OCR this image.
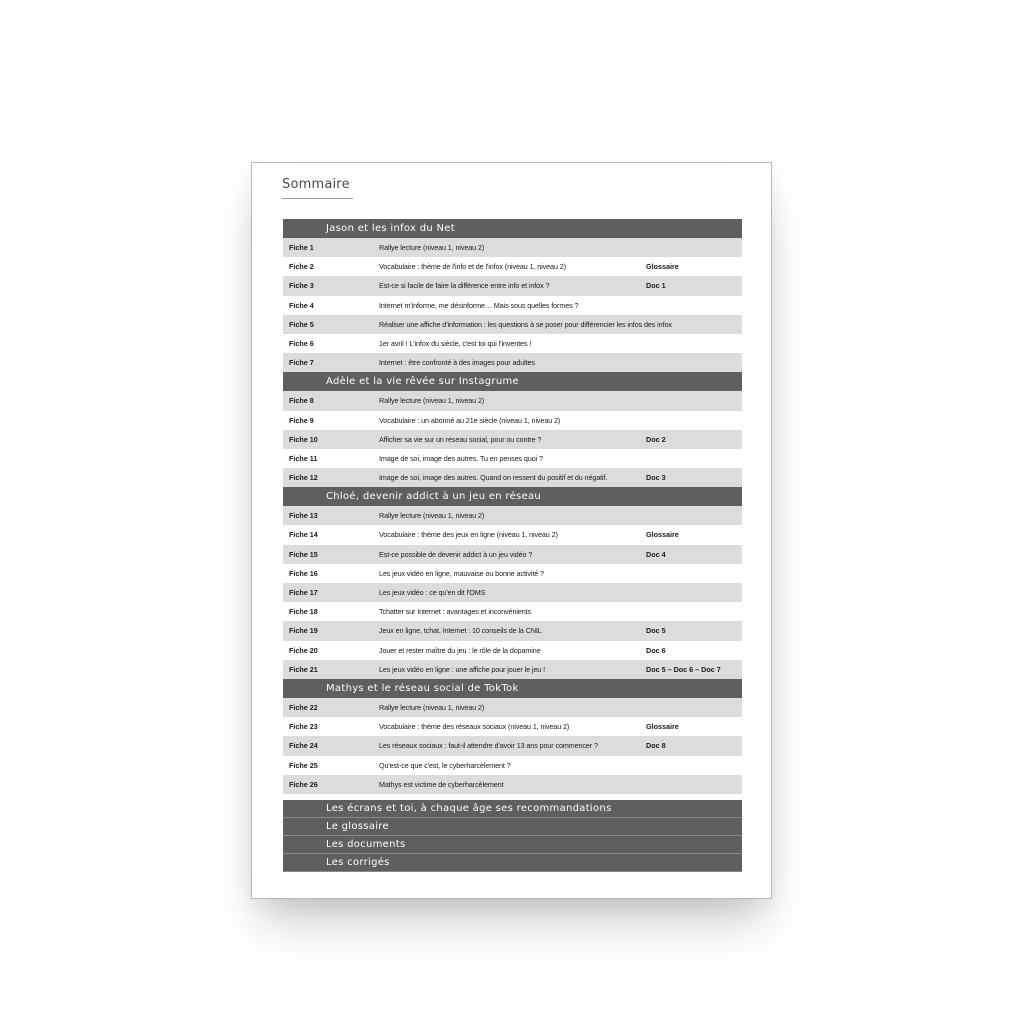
Sommaire
Jason et les infox du Net
Fiche 1	Rallye lecture (niveau 1, niveau 2)
Fiche 2	Vocabulaire : thème de l'info et de l'infox (niveau 1, niveau 2)	Glossaire
Fiche 3	Est-ce si facile de faire la différence entre info et infox ?	Doc 1
Fiche 4	Internet m'informe, me désinforme… Mais sous quelles formes ?
Fiche 5	Réaliser une affiche d'information : les questions à se poser pour différencier les infos des infox
Fiche 6	1er avril ! L'infox du siècle, c'est toi qui l'inventes !
Fiche 7	Internet : être confronté à des images pour adultes
Adèle et la vie rêvée sur Instagrume
Fiche 8	Rallye lecture (niveau 1, niveau 2)
Fiche 9	Vocabulaire : un abonné au 21e siècle (niveau 1, niveau 2)
Fiche 10	Afficher sa vie sur un réseau social, pour ou contre ?	Doc 2
Fiche 11	Image de soi, image des autres. Tu en penses quoi ?
Fiche 12	Image de soi, image des autres. Quand on ressent du positif et du négatif.	Doc 3
Chloé, devenir addict à un jeu en réseau
Fiche 13	Rallye lecture (niveau 1, niveau 2)
Fiche 14	Vocabulaire : thème des jeux en ligne (niveau 1, niveau 2)	Glossaire
Fiche 15	Est-ce possible de devenir addict à un jeu vidéo ?	Doc 4
Fiche 16	Les jeux vidéo en ligne, mauvaise ou bonne activité ?
Fiche 17	Les jeux vidéo : ce qu'en dit l'OMS
Fiche 18	Tchatter sur Internet : avantages et inconvénients
Fiche 19	Jeux en ligne, tchat, Internet : 10 conseils de la CNIL	Doc 5
Fiche 20	Jouer et rester maître du jeu : le rôle de la dopamine	Doc 6
Fiche 21	Les jeux vidéo en ligne : une affiche pour jouer le jeu !	Doc 5 – Doc 6 – Doc 7
Mathys et le réseau social de TokTok
Fiche 22	Rallye lecture (niveau 1, niveau 2)
Fiche 23	Vocabulaire : thème des réseaux sociaux (niveau 1, niveau 2)	Glossaire
Fiche 24	Les réseaux sociaux : faut-il attendre d'avoir 13 ans pour commencer ?	Doc 8
Fiche 25	Qu'est-ce que c'est, le cyberharcèlement ?
Fiche 26	Mathys est victime de cyberharcèlement
Les écrans et toi, à chaque âge ses recommandations
Le glossaire
Les documents
Les corrigés
